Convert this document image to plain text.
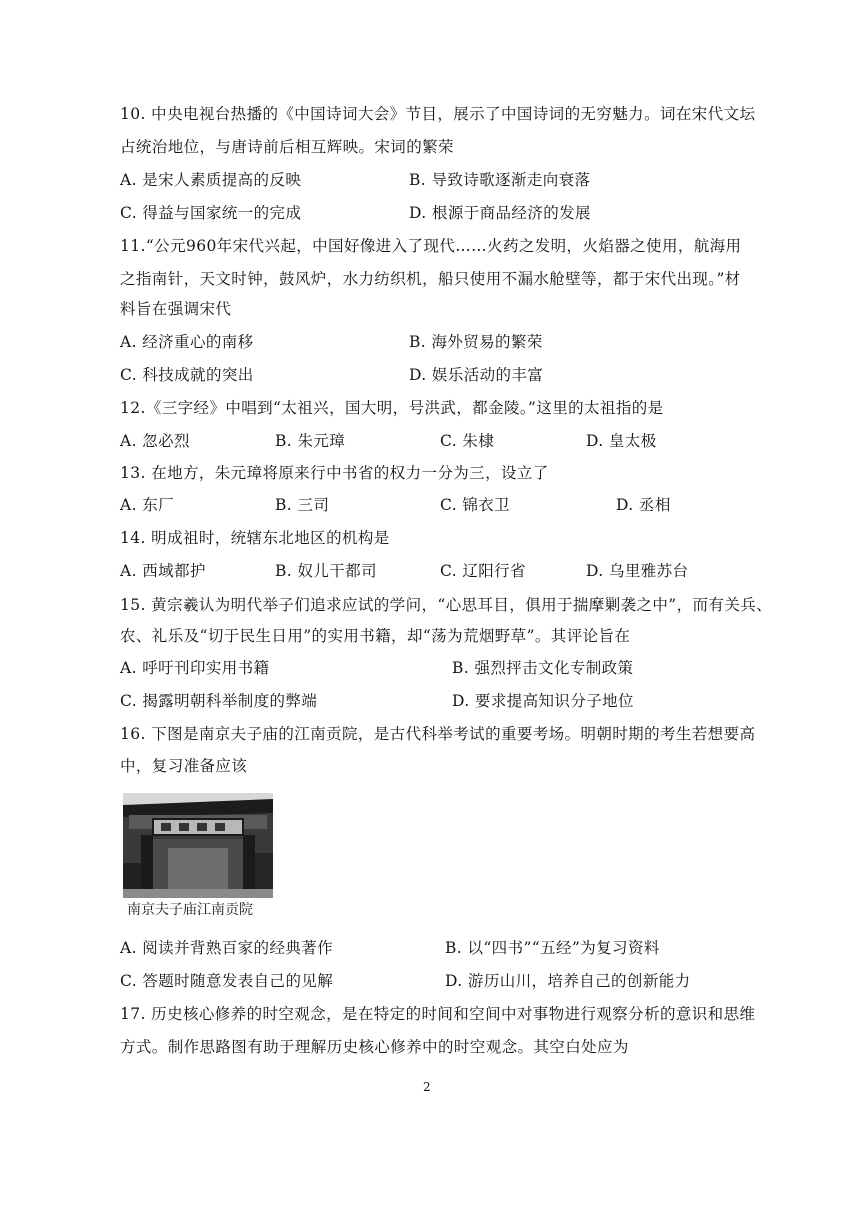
10. 中央电视台热播的《中国诗词大会》节目，展示了中国诗词的无穷魅力。词在宋代文坛
占统治地位，与唐诗前后相互辉映。宋词的繁荣
A. 是宋人素质提高的反映	B. 导致诗歌逐渐走向衰落
C. 得益与国家统一的完成	D. 根源于商品经济的发展
11.“公元960年宋代兴起，中国好像进入了现代……火药之发明，火焰器之使用，航海用
之指南针，天文时钟，鼓风炉，水力纺织机，船只使用不漏水舱壁等，都于宋代出现。”材
料旨在强调宋代
A. 经济重心的南移	B. 海外贸易的繁荣
C. 科技成就的突出	D. 娱乐活动的丰富
12.《三字经》中唱到“太祖兴，国大明，号洪武，都金陵。”这里的太祖指的是
A. 忽必烈	B. 朱元璋	C. 朱棣	D. 皇太极
13. 在地方，朱元璋将原来行中书省的权力一分为三，设立了
A. 东厂	B. 三司	C. 锦衣卫	D. 丞相
14. 明成祖时，统辖东北地区的机构是
A. 西域都护	B. 奴儿干都司	C. 辽阳行省	D. 乌里雅苏台
15. 黄宗羲认为明代举子们追求应试的学问，“心思耳目，俱用于揣摩剿袭之中”，而有关兵、
农、礼乐及“切于民生日用”的实用书籍，却“荡为荒烟野草”。其评论旨在
A. 呼吁刊印实用书籍	B. 强烈抨击文化专制政策
C. 揭露明朝科举制度的弊端	D. 要求提高知识分子地位
16. 下图是南京夫子庙的江南贡院，是古代科举考试的重要考场。明朝时期的考生若想要高
中，复习准备应该
南京夫子庙江南贡院
A. 阅读并背熟百家的经典著作	B. 以“四书”“五经”为复习资料
C. 答题时随意发表自己的见解	D. 游历山川，培养自己的创新能力
17. 历史核心修养的时空观念，是在特定的时间和空间中对事物进行观察分析的意识和思维
方式。制作思路图有助于理解历史核心修养中的时空观念。其空白处应为
2
